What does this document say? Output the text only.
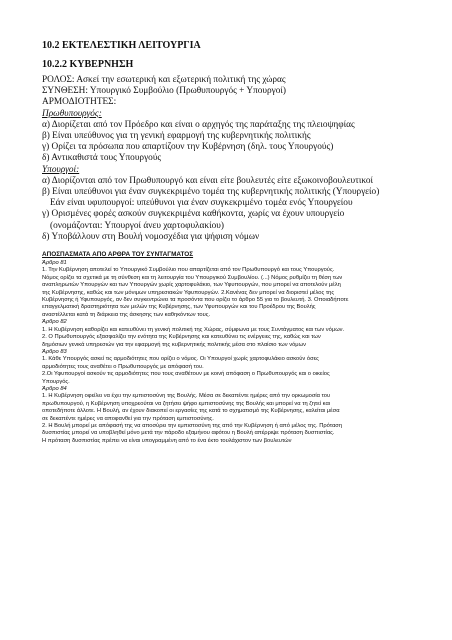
10.2 ΕΚΤΕΛΕΣΤΙΚΗ ΛΕΙΤΟΥΡΓΙΑ
10.2.2 ΚΥΒΕΡΝΗΣΗ
ΡΟΛΟΣ: Ασκεί την εσωτερική και εξωτερική πολιτική της χώρας
ΣΥΝΘΕΣΗ: Υπουργικό Συμβούλιο (Πρωθυπουργός + Υπουργοί)
ΑΡΜΟΔΙΟΤΗΤΕΣ:
Πρωθυπουργός:
α) Διορίζεται από τον Πρόεδρο και είναι ο αρχηγός της παράταξης της πλειοψηφίας
β) Είναι υπεύθυνος για τη γενική εφαρμογή της κυβερνητικής πολιτικής
γ) Ορίζει τα πρόσωπα που απαρτίζουν την Κυβέρνηση (δηλ. τους Υπουργούς)
δ) Αντικαθιστά τους Υπουργούς
Υπουργοί:
α) Διορίζονται από τον Πρωθυπουργό και είναι είτε βουλευτές είτε εξωκοινοβουλευτικοί
β) Είναι υπεύθυνοι για έναν συγκεκριμένο τομέα της κυβερνητικής πολιτικής (Υπουργείο)
Εάν είναι υφυπουργοί: υπεύθυνοι για έναν συγκεκριμένο τομέα ενός Υπουργείου
γ) Ορισμένες φορές ασκούν συγκεκριμένα καθήκοντα, χωρίς να έχουν υπουργείο
(ονομάζονται: Υπουργοί άνευ χαρτοφυλακίου)
δ) Υποβάλλουν στη Βουλή νομοσχέδια για ψήφιση νόμων
ΑΠΟΣΠΑΣΜΑΤΑ ΑΠΟ ΑΡΘΡΑ ΤΟΥ ΣΥΝΤΑΓΜΑΤΟΣ
Άρθρο 81
1. Την Κυβέρνηση αποτελεί το Υπουργικό Συμβούλιο που απαρτίζεται από τον Πρωθυπουργό και τους Υπουργούς.
Νόμος ορίζει τα σχετικά με τη σύνθεση και τη λειτουργία του Υπουργικού Συμβουλίου. (...) Νόμος ρυθμίζει τη θέση των
αναπληρωτών Υπουργών και των Υπουργών χωρίς χαρτοφυλάκιο, των Υφυπουργών, που μπορεί να αποτελούν μέλη
της Κυβέρνησης, καθώς και των μόνιμων υπηρεσιακών Υφυπουργών. 2.Κανένας δεν μπορεί να διοριστεί μέλος της
Κυβέρνησης ή Υφυπουργός, αν δεν συγκεντρώνει τα προσόντα που ορίζει το άρθρο 55 για το βουλευτή. 3. Οποιαδήποτε
επαγγελματική δραστηριότητα των μελών της Κυβέρνησης, των Υφυπουργών και του Προέδρου της Βουλής
αναστέλλεται κατά τη διάρκεια της άσκησης των καθηκόντων τους.
Άρθρο 82
1. Η Κυβέρνηση καθορίζει και κατευθύνει τη γενική πολιτική της Χώρας, σύμφωνα με τους Συντάγματος και των νόμων.
2. Ο Πρωθυπουργός εξασφαλίζει την ενότητα της Κυβέρνησης και κατευθύνει τις ενέργειες της, καθώς και των
δημόσιων γενικά υπηρεσιών για την εφαρμογή της κυβερνητικής πολιτικής μέσα στο πλαίσιο των νόμων
Άρθρο 83
1. Κάθε Υπουργός ασκεί τις αρμοδιότητες που ορίζει ο νόμος. Οι Υπουργοί χωρίς χαρτοφυλάκιο ασκούν όσες
αρμοδιότητες τους αναθέτει ο Πρωθυπουργός με απόφασή του.
2.Οι Υφυπουργοί ασκούν τις αρμοδιότητες που τους αναθέτουν με κοινή απόφαση ο Πρωθυπουργός και ο οικείος
Υπουργός.
Άρθρο 84
1. Η Κυβέρνηση οφείλει να έχει την εμπιστοσύνη της Βουλής. Μέσα σε δεκαπέντε ημέρες από την ορκωμοσία του
πρωθυπουργού, η Κυβέρνηση υποχρεούται να ζητήσει ψήφο εμπιστοσύνης της Βουλής και μπορεί να τη ζητεί και
οποτεδήποτε άλλοτε. Η Βουλή, αν έχουν διακοπεί οι εργασίες της κατά το σχηματισμό της Κυβέρνησης, καλείται μέσα
σε δεκαπέντε ημέρες να αποφανθεί για την πρόταση εμπιστοσύνης.
2. Η Βουλή μπορεί με απόφασή της να αποσύρει την εμπιστοσύνη της από την Κυβέρνηση ή από μέλος της. Πρόταση
δυσπιστίας μπορεί να υποβληθεί μόνο μετά την πάροδο εξαμήνου αφότου η Βουλή απέρριψε πρόταση δυσπιστίας.
Η πρόταση δυσπιστίας πρέπει να είναι υπογραμμένη από το ένα έκτο τουλάχιστον των βουλευτών
